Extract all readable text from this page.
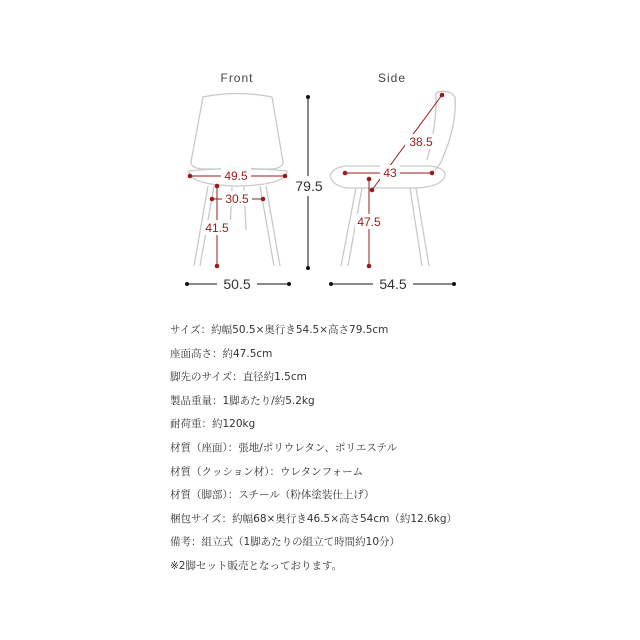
Front
49.5
30.5
41.5
50.5
79.5
Side
38.5
43
47.5
54.5
サイズ：約幅50.5×奥行き54.5×高さ79.5cm
座面高さ：約47.5cm
脚先のサイズ：直径約1.5cm
製品重量：1脚あたり/約5.2kg
耐荷重：約120kg
材質（座面）：張地/ポリウレタン、ポリエステル
材質（クッション材）：ウレタンフォーム
材質（脚部）：スチール（粉体塗装仕上げ）
梱包サイズ：約幅68×奥行き46.5×高さ54cm（約12.6kg）
備考：組立式（1脚あたりの組立て時間約10分）
※2脚セット販売となっております。
